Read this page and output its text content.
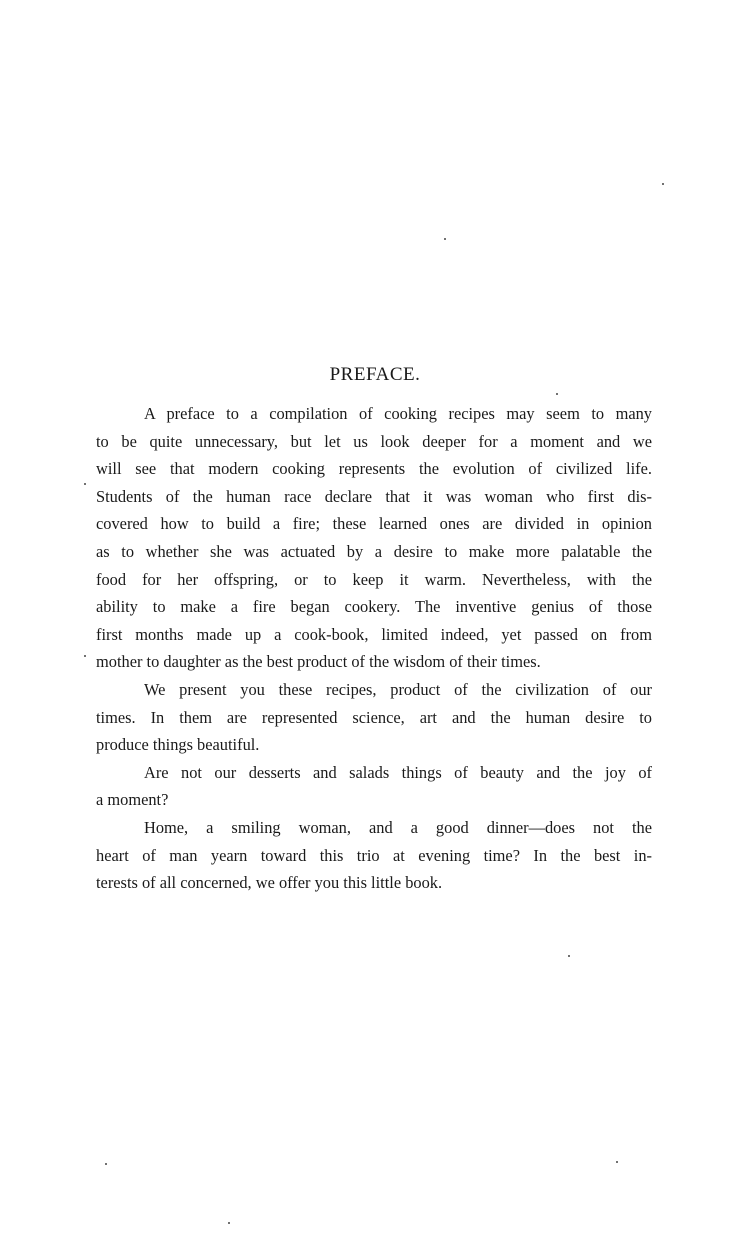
PREFACE.
A preface to a compilation of cooking recipes may seem to many
to be quite unnecessary, but let us look deeper for a moment and we
will see that modern cooking represents the evolution of civilized life.
Students of the human race declare that it was woman who first dis-
covered how to build a fire; these learned ones are divided in opinion
as to whether she was actuated by a desire to make more palatable the
food for her offspring, or to keep it warm. Nevertheless, with the
ability to make a fire began cookery. The inventive genius of those
first months made up a cook-book, limited indeed, yet passed on from
mother to daughter as the best product of the wisdom of their times.
We present you these recipes, product of the civilization of our
times. In them are represented science, art and the human desire to
produce things beautiful.
Are not our desserts and salads things of beauty and the joy of
a moment?
Home, a smiling woman, and a good dinner—does not the
heart of man yearn toward this trio at evening time? In the best in-
terests of all concerned, we offer you this little book.
